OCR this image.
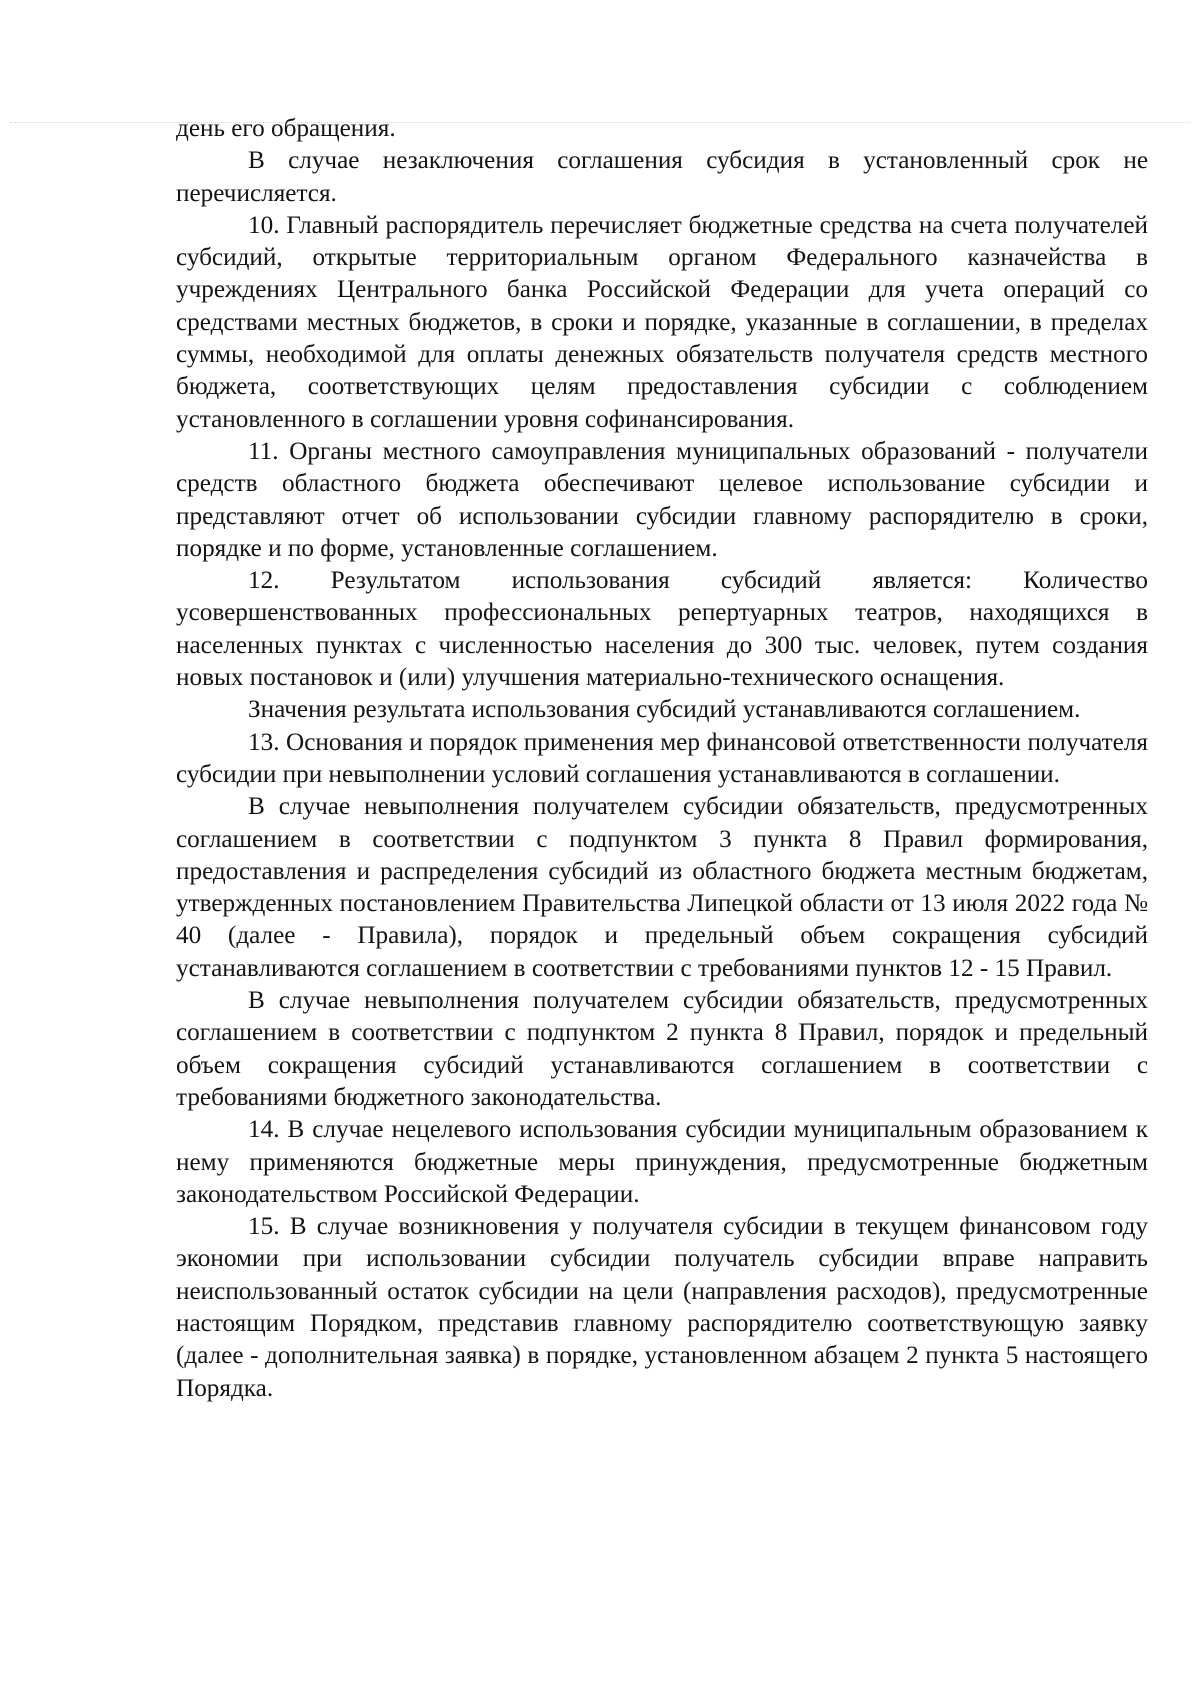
день его обращения.

В случае незаключения соглашения субсидия в установленный срок не перечисляется.

10. Главный распорядитель перечисляет бюджетные средства на счета получателей субсидий, открытые территориальным органом Федерального казначейства в учреждениях Центрального банка Российской Федерации для учета операций со средствами местных бюджетов, в сроки и порядке, указанные в соглашении, в пределах суммы, необходимой для оплаты денежных обязательств получателя средств местного бюджета, соответствующих целям предоставления субсидии с соблюдением установленного в соглашении уровня софинансирования.

11. Органы местного самоуправления муниципальных образований - получатели средств областного бюджета обеспечивают целевое использование субсидии и представляют отчет об использовании субсидии главному распорядителю в сроки, порядке и по форме, установленные соглашением.

12. Результатом использования субсидий является: Количество усовершенствованных профессиональных репертуарных театров, находящихся в населенных пунктах с численностью населения до 300 тыс. человек, путем создания новых постановок и (или) улучшения материально-технического оснащения.

Значения результата использования субсидий устанавливаются соглашением.

13. Основания и порядок применения мер финансовой ответственности получателя субсидии при невыполнении условий соглашения устанавливаются в соглашении.

В случае невыполнения получателем субсидии обязательств, предусмотренных соглашением в соответствии с подпунктом 3 пункта 8 Правил формирования, предоставления и распределения субсидий из областного бюджета местным бюджетам, утвержденных постановлением Правительства Липецкой области от 13 июля 2022 года № 40 (далее - Правила), порядок и предельный объем сокращения субсидий устанавливаются соглашением в соответствии с требованиями пунктов 12 - 15 Правил.

В случае невыполнения получателем субсидии обязательств, предусмотренных соглашением в соответствии с подпунктом 2 пункта 8 Правил, порядок и предельный объем сокращения субсидий устанавливаются соглашением в соответствии с требованиями бюджетного законодательства.

14. В случае нецелевого использования субсидии муниципальным образованием к нему применяются бюджетные меры принуждения, предусмотренные бюджетным законодательством Российской Федерации.

15. В случае возникновения у получателя субсидии в текущем финансовом году экономии при использовании субсидии получатель субсидии вправе направить неиспользованный остаток субсидии на цели (направления расходов), предусмотренные настоящим Порядком, представив главному распорядителю соответствующую заявку (далее - дополнительная заявка) в порядке, установленном абзацем 2 пункта 5 настоящего Порядка.
